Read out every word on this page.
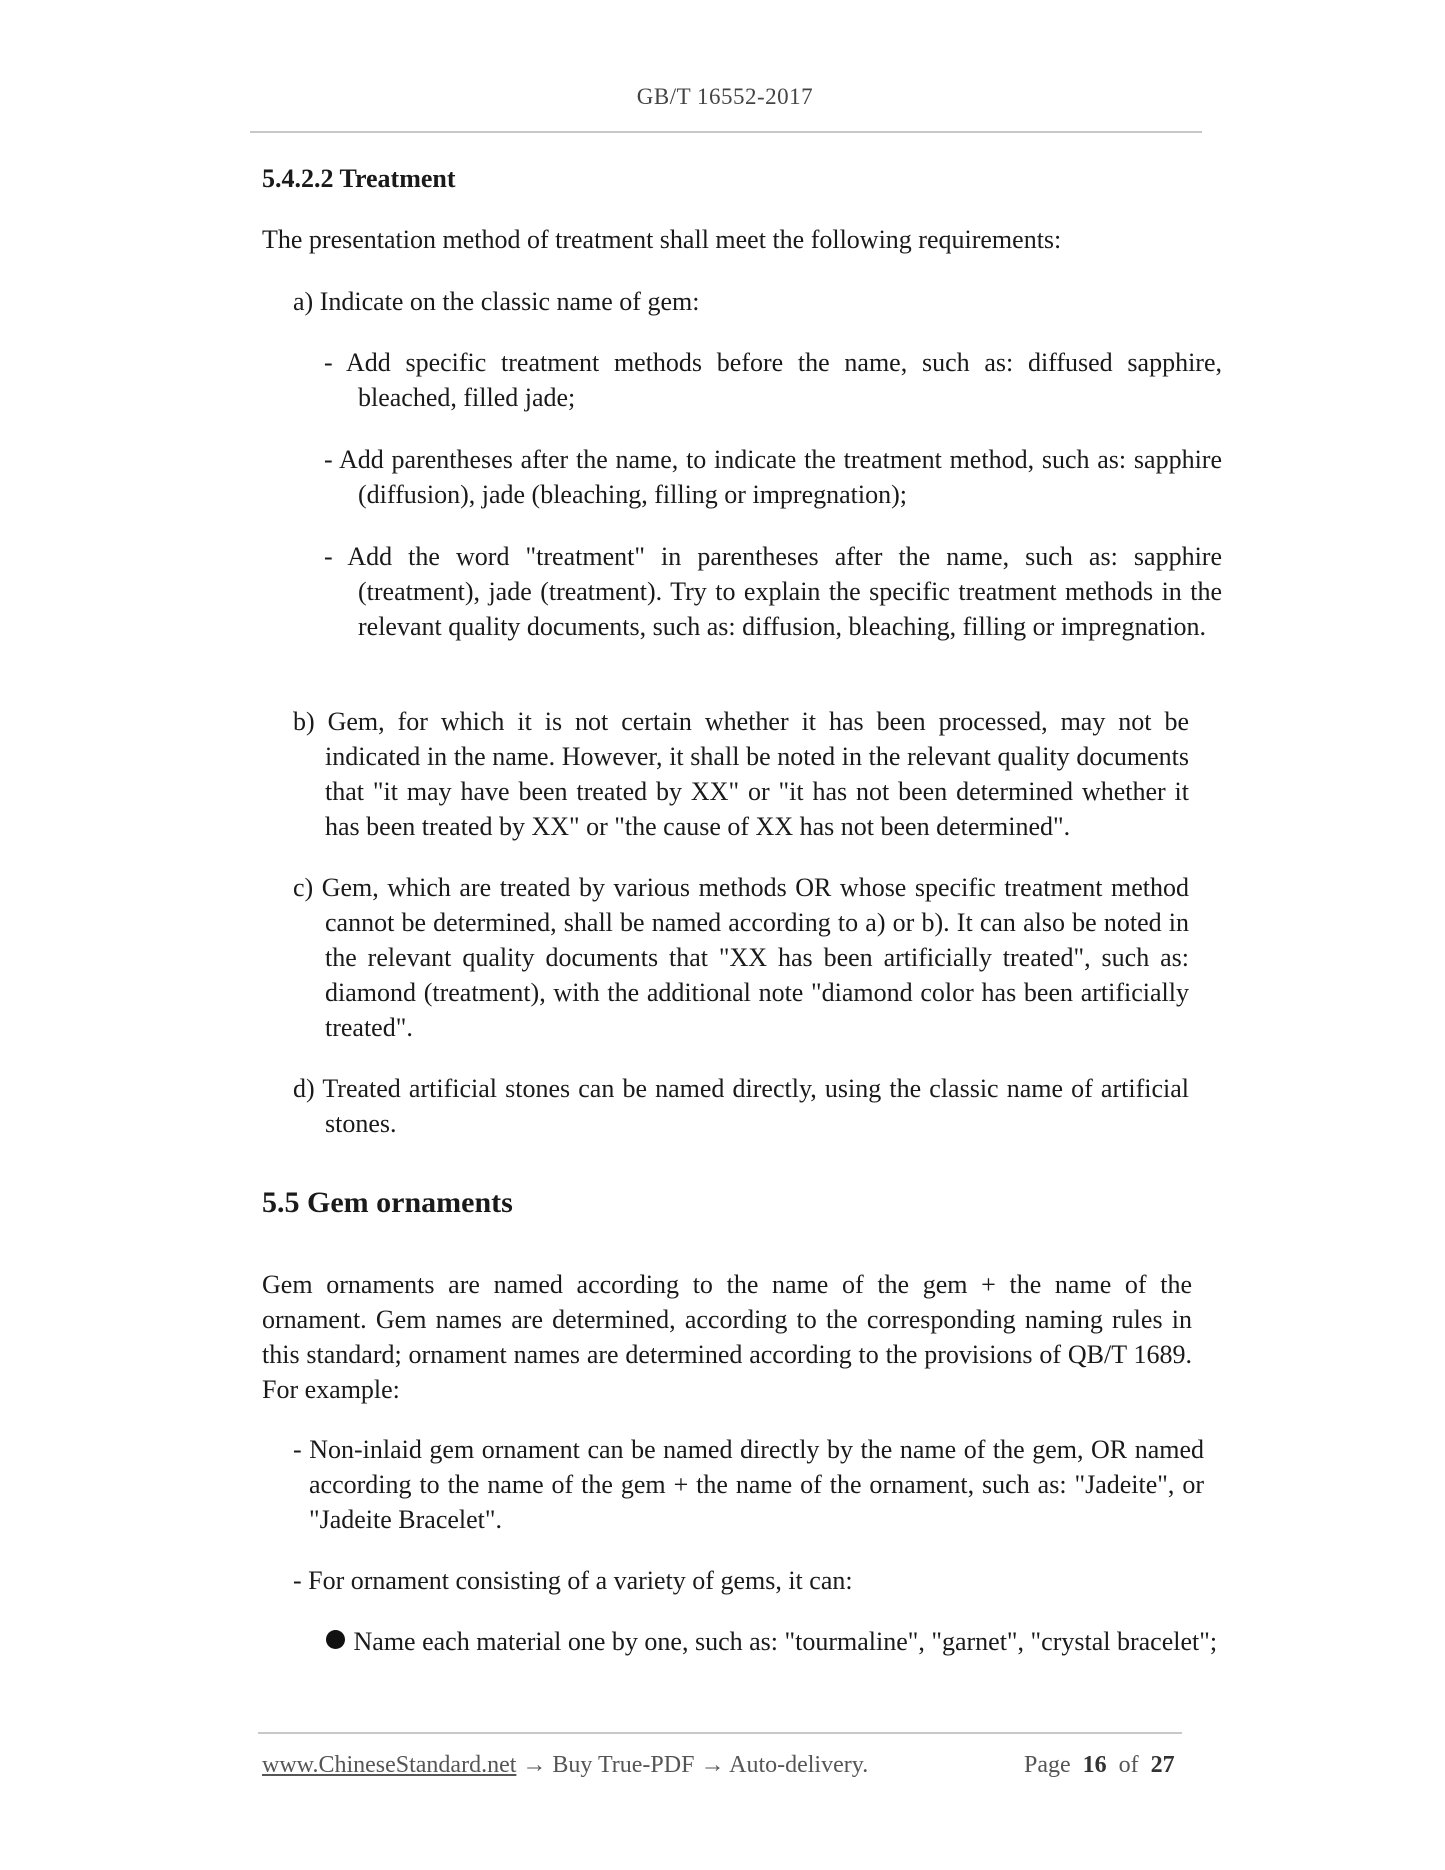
GB/T 16552-2017
5.4.2.2 Treatment
The presentation method of treatment shall meet the following requirements:
a) Indicate on the classic name of gem:
- Add specific treatment methods before the name, such as: diffused sapphire, bleached, filled jade;
- Add parentheses after the name, to indicate the treatment method, such as: sapphire (diffusion), jade (bleaching, filling or impregnation);
- Add the word "treatment" in parentheses after the name, such as: sapphire (treatment), jade (treatment). Try to explain the specific treatment methods in the relevant quality documents, such as: diffusion, bleaching, filling or impregnation.
b) Gem, for which it is not certain whether it has been processed, may not be indicated in the name. However, it shall be noted in the relevant quality documents that "it may have been treated by XX" or "it has not been determined whether it has been treated by XX" or "the cause of XX has not been determined".
c) Gem, which are treated by various methods OR whose specific treatment method cannot be determined, shall be named according to a) or b). It can also be noted in the relevant quality documents that "XX has been artificially treated", such as: diamond (treatment), with the additional note "diamond color has been artificially treated".
d) Treated artificial stones can be named directly, using the classic name of artificial stones.
5.5 Gem ornaments
Gem ornaments are named according to the name of the gem + the name of the ornament. Gem names are determined, according to the corresponding naming rules in this standard; ornament names are determined according to the provisions of QB/T 1689. For example:
- Non-inlaid gem ornament can be named directly by the name of the gem, OR named according to the name of the gem + the name of the ornament, such as: "Jadeite", or "Jadeite Bracelet".
- For ornament consisting of a variety of gems, it can:
Name each material one by one, such as: "tourmaline", "garnet", "crystal bracelet";
www.ChineseStandard.net → Buy True-PDF → Auto-delivery.	Page 16 of 27
